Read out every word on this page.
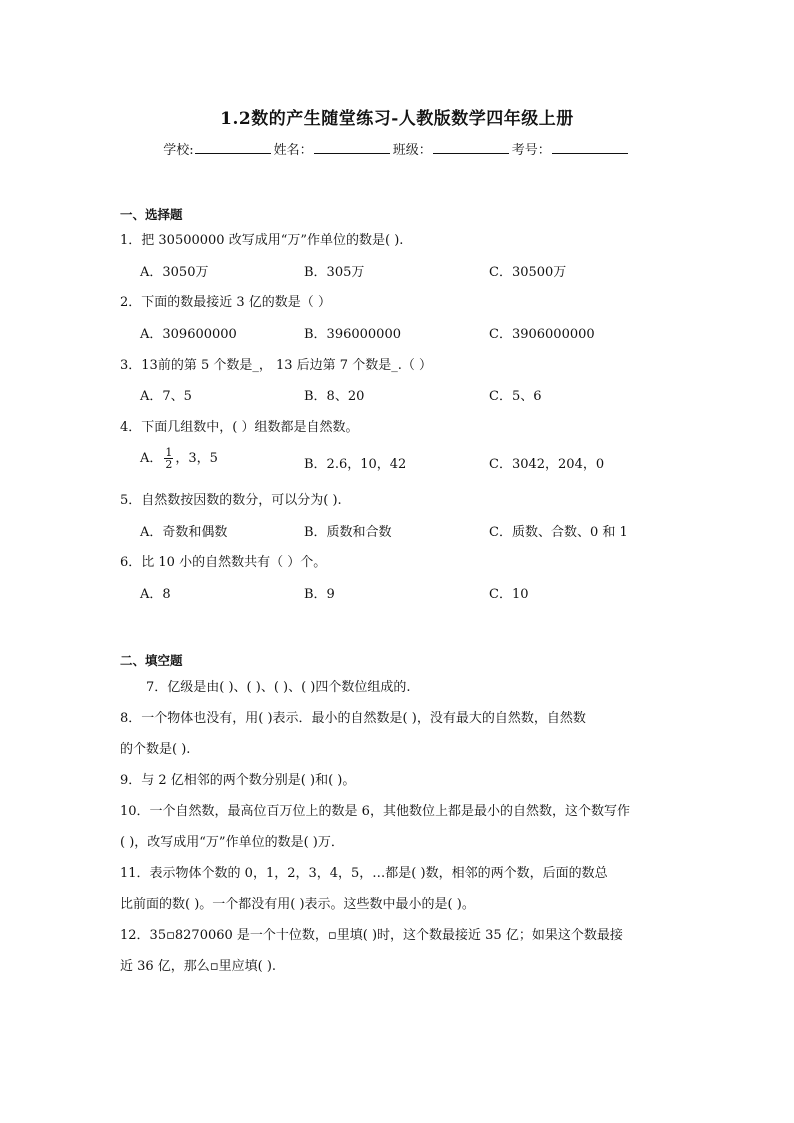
1.2数的产生随堂练习-人教版数学四年级上册
学校:	姓名：	班级：	考号：
一、选择题
1．把 30500000 改写成用“万”作单位的数是( ).
A．3050万	B．305万	C．30500万
2．下面的数最接近 3 亿的数是（ ）
A．309600000	B．396000000	C．3906000000
3．13前的第 5 个数是_， 13 后边第 7 个数是_.（ ）
A．7、5	B．8、20	C．5、6
4．下面几组数中，( ）组数都是自然数。
A． $\frac{1}{2}$ ，3，5	B．2.6，10，42	C．3042，204，0
5．自然数按因数的数分，可以分为( ).
A．奇数和偶数	B．质数和合数	C．质数、合数、0 和 1
6．比 10 小的自然数共有（ ）个。
A．8	B．9	C．10
二、填空题
7．亿级是由( )、( )、( )、( )四个数位组成的.
8．一个物体也没有，用( )表示．最小的自然数是( )，没有最大的自然数，自然数
的个数是( ).
9．与 2 亿相邻的两个数分别是( )和( )。
10．一个自然数，最高位百万位上的数是 6，其他数位上都是最小的自然数，这个数写作
( )，改写成用“万”作单位的数是( )万．
11．表示物体个数的 0，1，2，3，4，5，…都是( )数，相邻的两个数，后面的数总
比前面的数( )。一个都没有用( )表示。这些数中最小的是( )。
12．35▫8270060 是一个十位数，▫里填( )时，这个数最接近 35 亿；如果这个数最接
近 36 亿，那么▫里应填( ).
